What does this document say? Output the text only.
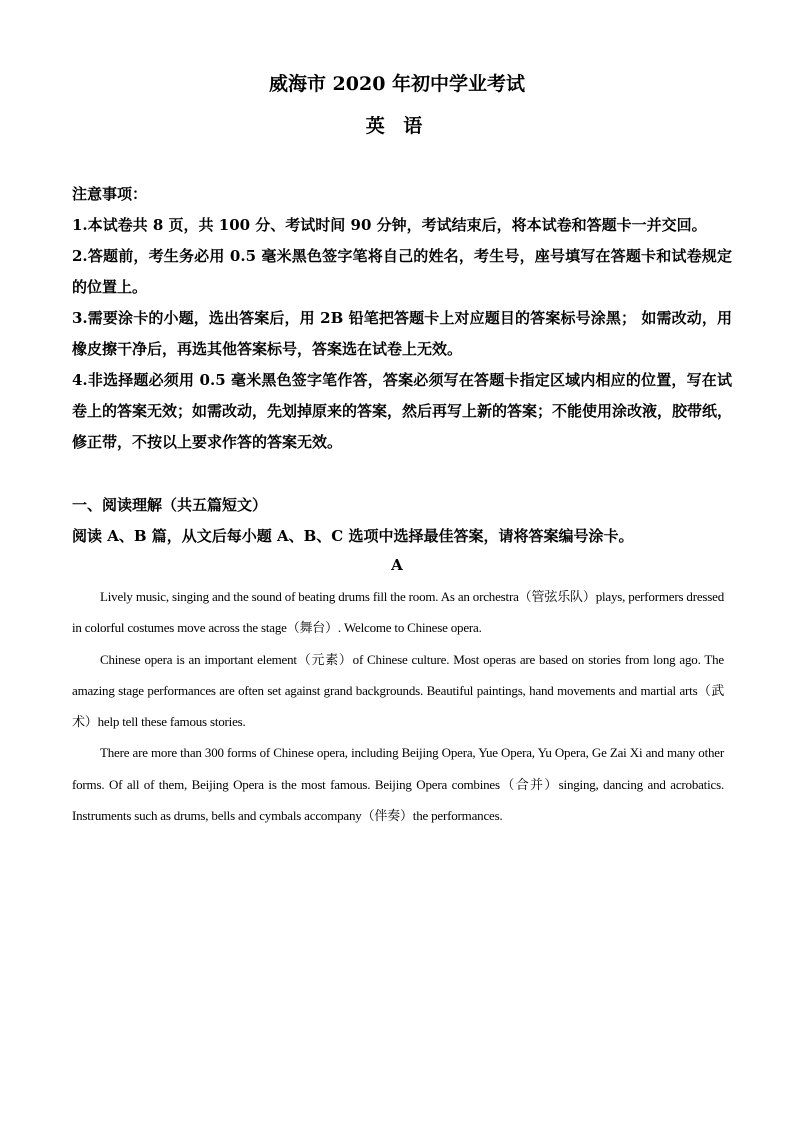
威海市 2020 年初中学业考试
英 语

注意事项：

1.本试卷共 8 页，共 100 分、考试时间 90 分钟，考试结束后，将本试卷和答题卡一并交回。

2.答题前，考生务必用 0.5 毫米黑色签字笔将自己的姓名，考生号，座号填写在答题卡和试卷规定的位置上。

3.需要涂卡的小题，选出答案后，用 2B 铅笔把答题卡上对应题目的答案标号涂黑； 如需改动，用橡皮擦干净后，再选其他答案标号，答案选在试卷上无效。

4.非选择题必须用 0.5 毫米黑色签字笔作答，答案必须写在答题卡指定区域内相应的位置，写在试卷上的答案无效；如需改动，先划掉原来的答案，然后再写上新的答案；不能使用涂改液，胶带纸，修正带，不按以上要求作答的答案无效。

一、阅读理解（共五篇短文）

阅读 A、B 篇，从文后每小题 A、B、C 选项中选择最佳答案，请将答案编号涂卡。

A

Lively music, singing and the sound of beating drums fill the room. As an orchestra（管弦乐队）plays, performers dressed in colorful costumes move across the stage（舞台）. Welcome to Chinese opera.

Chinese opera is an important element（元素）of Chinese culture. Most operas are based on stories from long ago. The amazing stage performances are often set against grand backgrounds. Beautiful paintings, hand movements and martial arts（武术）help tell these famous stories.

There are more than 300 forms of Chinese opera, including Beijing Opera, Yue Opera, Yu Opera, Ge Zai Xi and many other forms. Of all of them, Beijing Opera is the most famous. Beijing Opera combines（合并）singing, dancing and acrobatics. Instruments such as drums, bells and cymbals accompany（伴奏）the performances.
